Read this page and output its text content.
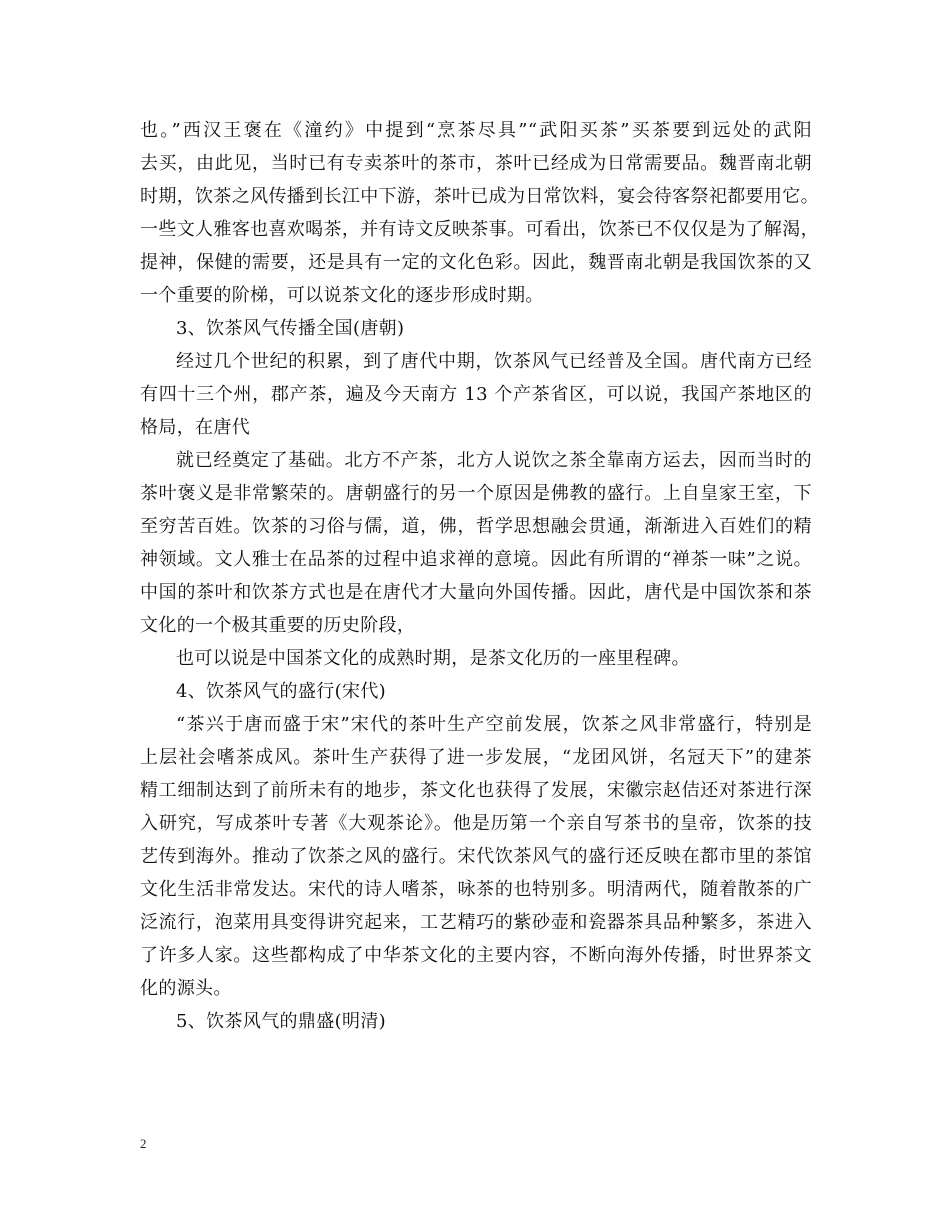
也。”西汉王褒在《潼约》中提到“烹茶尽具”“武阳买茶”买茶要到远处的武阳
去买，由此见，当时已有专卖茶叶的茶市，茶叶已经成为日常需要品。魏晋南北朝
时期，饮茶之风传播到长江中下游，茶叶已成为日常饮料，宴会待客祭祀都要用它。
一些文人雅客也喜欢喝茶，并有诗文反映茶事。可看出，饮茶已不仅仅是为了解渴，
提神，保健的需要，还是具有一定的文化色彩。因此，魏晋南北朝是我国饮茶的又
一个重要的阶梯，可以说茶文化的逐步形成时期。
3、饮茶风气传播全国(唐朝)
经过几个世纪的积累，到了唐代中期，饮茶风气已经普及全国。唐代南方已经
有四十三个州，郡产茶，遍及今天南方 13 个产茶省区，可以说，我国产茶地区的
格局，在唐代
就已经奠定了基础。北方不产茶，北方人说饮之茶全靠南方运去，因而当时的
茶叶褒义是非常繁荣的。唐朝盛行的另一个原因是佛教的盛行。上自皇家王室，下
至穷苦百姓。饮茶的习俗与儒，道，佛，哲学思想融会贯通，渐渐进入百姓们的精
神领域。文人雅士在品茶的过程中追求禅的意境。因此有所谓的“禅茶一味”之说。
中国的茶叶和饮茶方式也是在唐代才大量向外国传播。因此，唐代是中国饮茶和茶
文化的一个极其重要的历史阶段，
也可以说是中国茶文化的成熟时期，是茶文化历的一座里程碑。
4、饮茶风气的盛行(宋代)
“茶兴于唐而盛于宋”宋代的茶叶生产空前发展，饮茶之风非常盛行，特别是
上层社会嗜茶成风。茶叶生产获得了进一步发展，“龙团风饼，名冠天下”的建茶
精工细制达到了前所未有的地步，茶文化也获得了发展，宋徽宗赵佶还对茶进行深
入研究，写成茶叶专著《大观茶论》。他是历第一个亲自写茶书的皇帝，饮茶的技
艺传到海外。推动了饮茶之风的盛行。宋代饮茶风气的盛行还反映在都市里的茶馆
文化生活非常发达。宋代的诗人嗜茶，咏茶的也特别多。明清两代，随着散茶的广
泛流行，泡菜用具变得讲究起来，工艺精巧的紫砂壶和瓷器茶具品种繁多，茶进入
了许多人家。这些都构成了中华茶文化的主要内容，不断向海外传播，时世界茶文
化的源头。
5、饮茶风气的鼎盛(明清)
2
